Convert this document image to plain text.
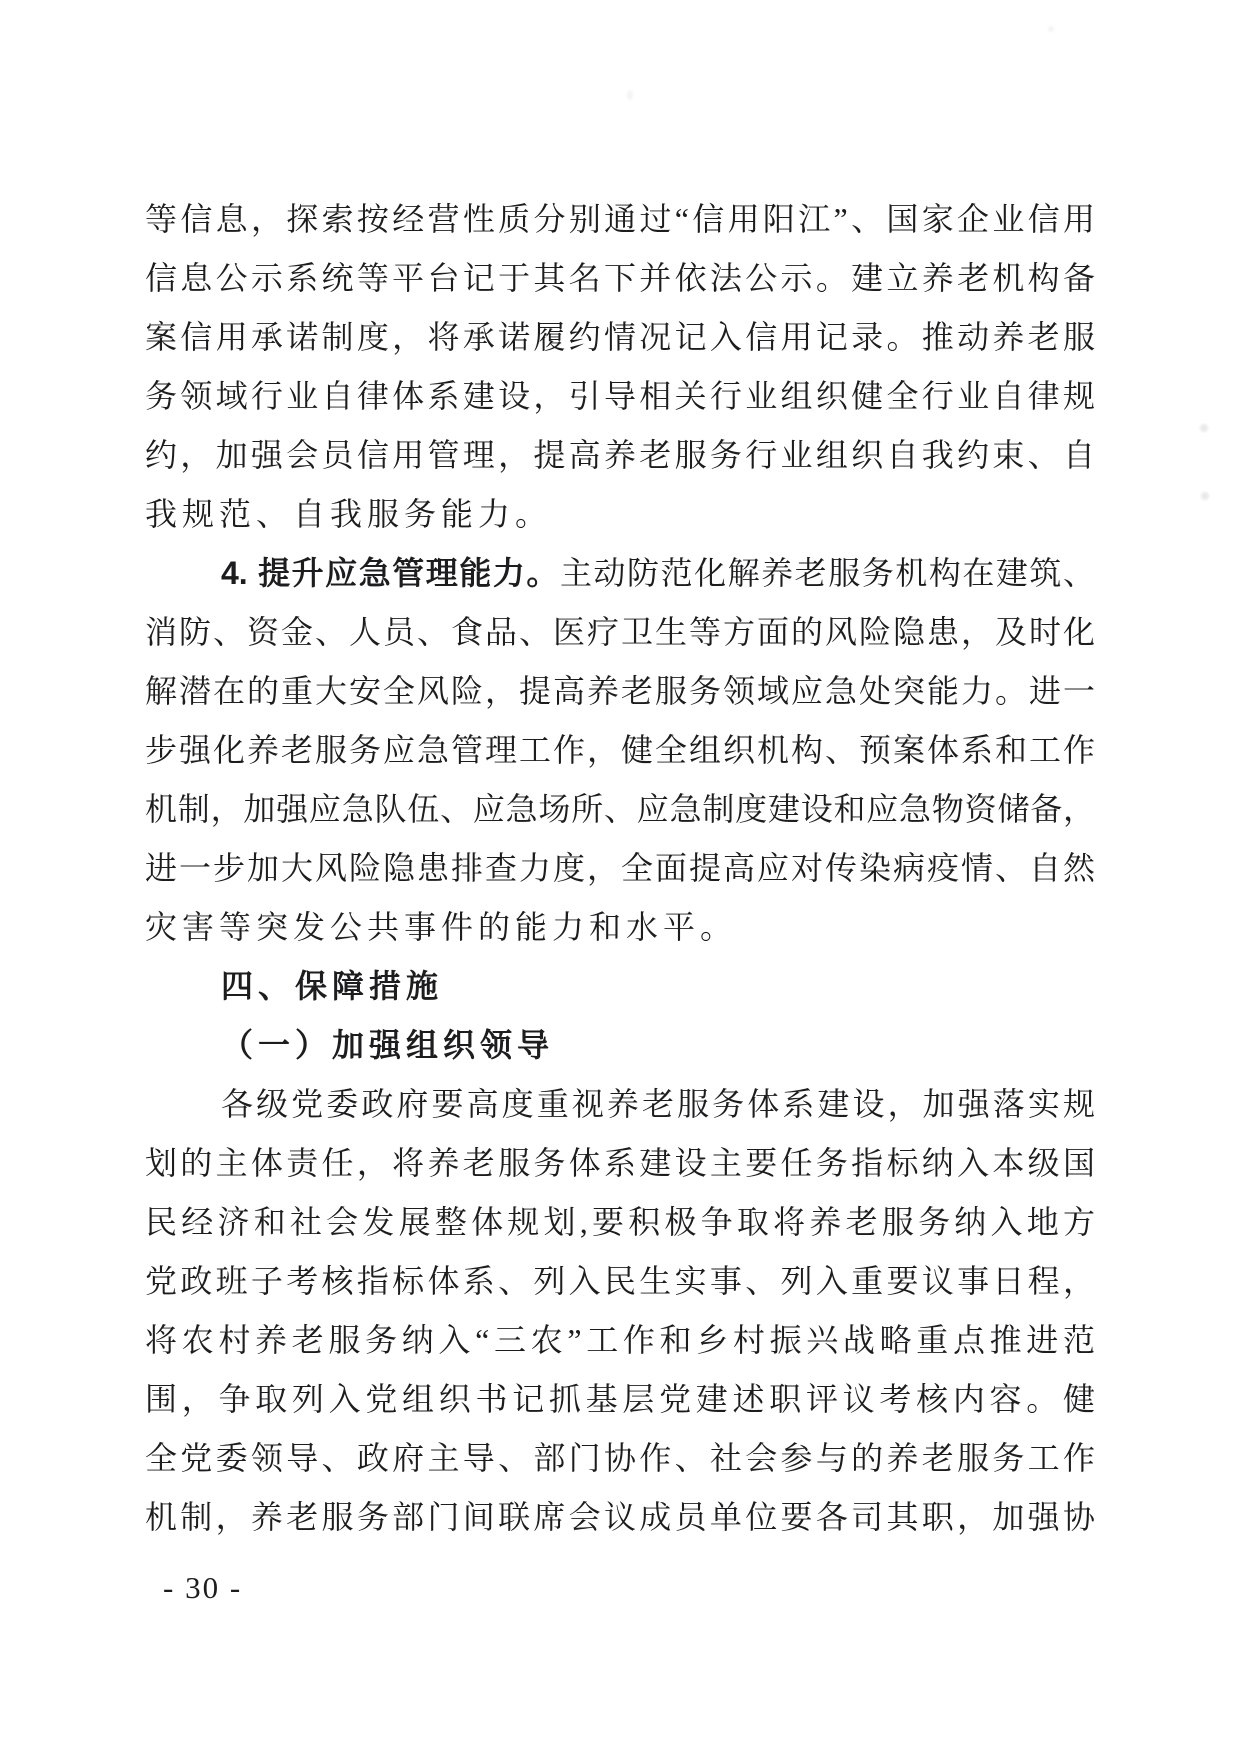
等信息，探索按经营性质分别通过“信用阳江”、国家企业信用
信息公示系统等平台记于其名下并依法公示。建立养老机构备
案信用承诺制度，将承诺履约情况记入信用记录。推动养老服
务领域行业自律体系建设，引导相关行业组织健全行业自律规
约，加强会员信用管理，提高养老服务行业组织自我约束、自
我规范、自我服务能力。
4. 提升应急管理能力。主动防范化解养老服务机构在建筑、
消防、资金、人员、食品、医疗卫生等方面的风险隐患，及时化
解潜在的重大安全风险，提高养老服务领域应急处突能力。进一
步强化养老服务应急管理工作，健全组织机构、预案体系和工作
机制，加强应急队伍、应急场所、应急制度建设和应急物资储备，
进一步加大风险隐患排查力度，全面提高应对传染病疫情、自然
灾害等突发公共事件的能力和水平。
四、保障措施
（一）加强组织领导
各级党委政府要高度重视养老服务体系建设，加强落实规
划的主体责任，将养老服务体系建设主要任务指标纳入本级国
民经济和社会发展整体规划,要积极争取将养老服务纳入地方
党政班子考核指标体系、列入民生实事、列入重要议事日程，
将农村养老服务纳入“三农”工作和乡村振兴战略重点推进范
围，争取列入党组织书记抓基层党建述职评议考核内容。健
全党委领导、政府主导、部门协作、社会参与的养老服务工作
机制，养老服务部门间联席会议成员单位要各司其职，加强协
- 30 -
